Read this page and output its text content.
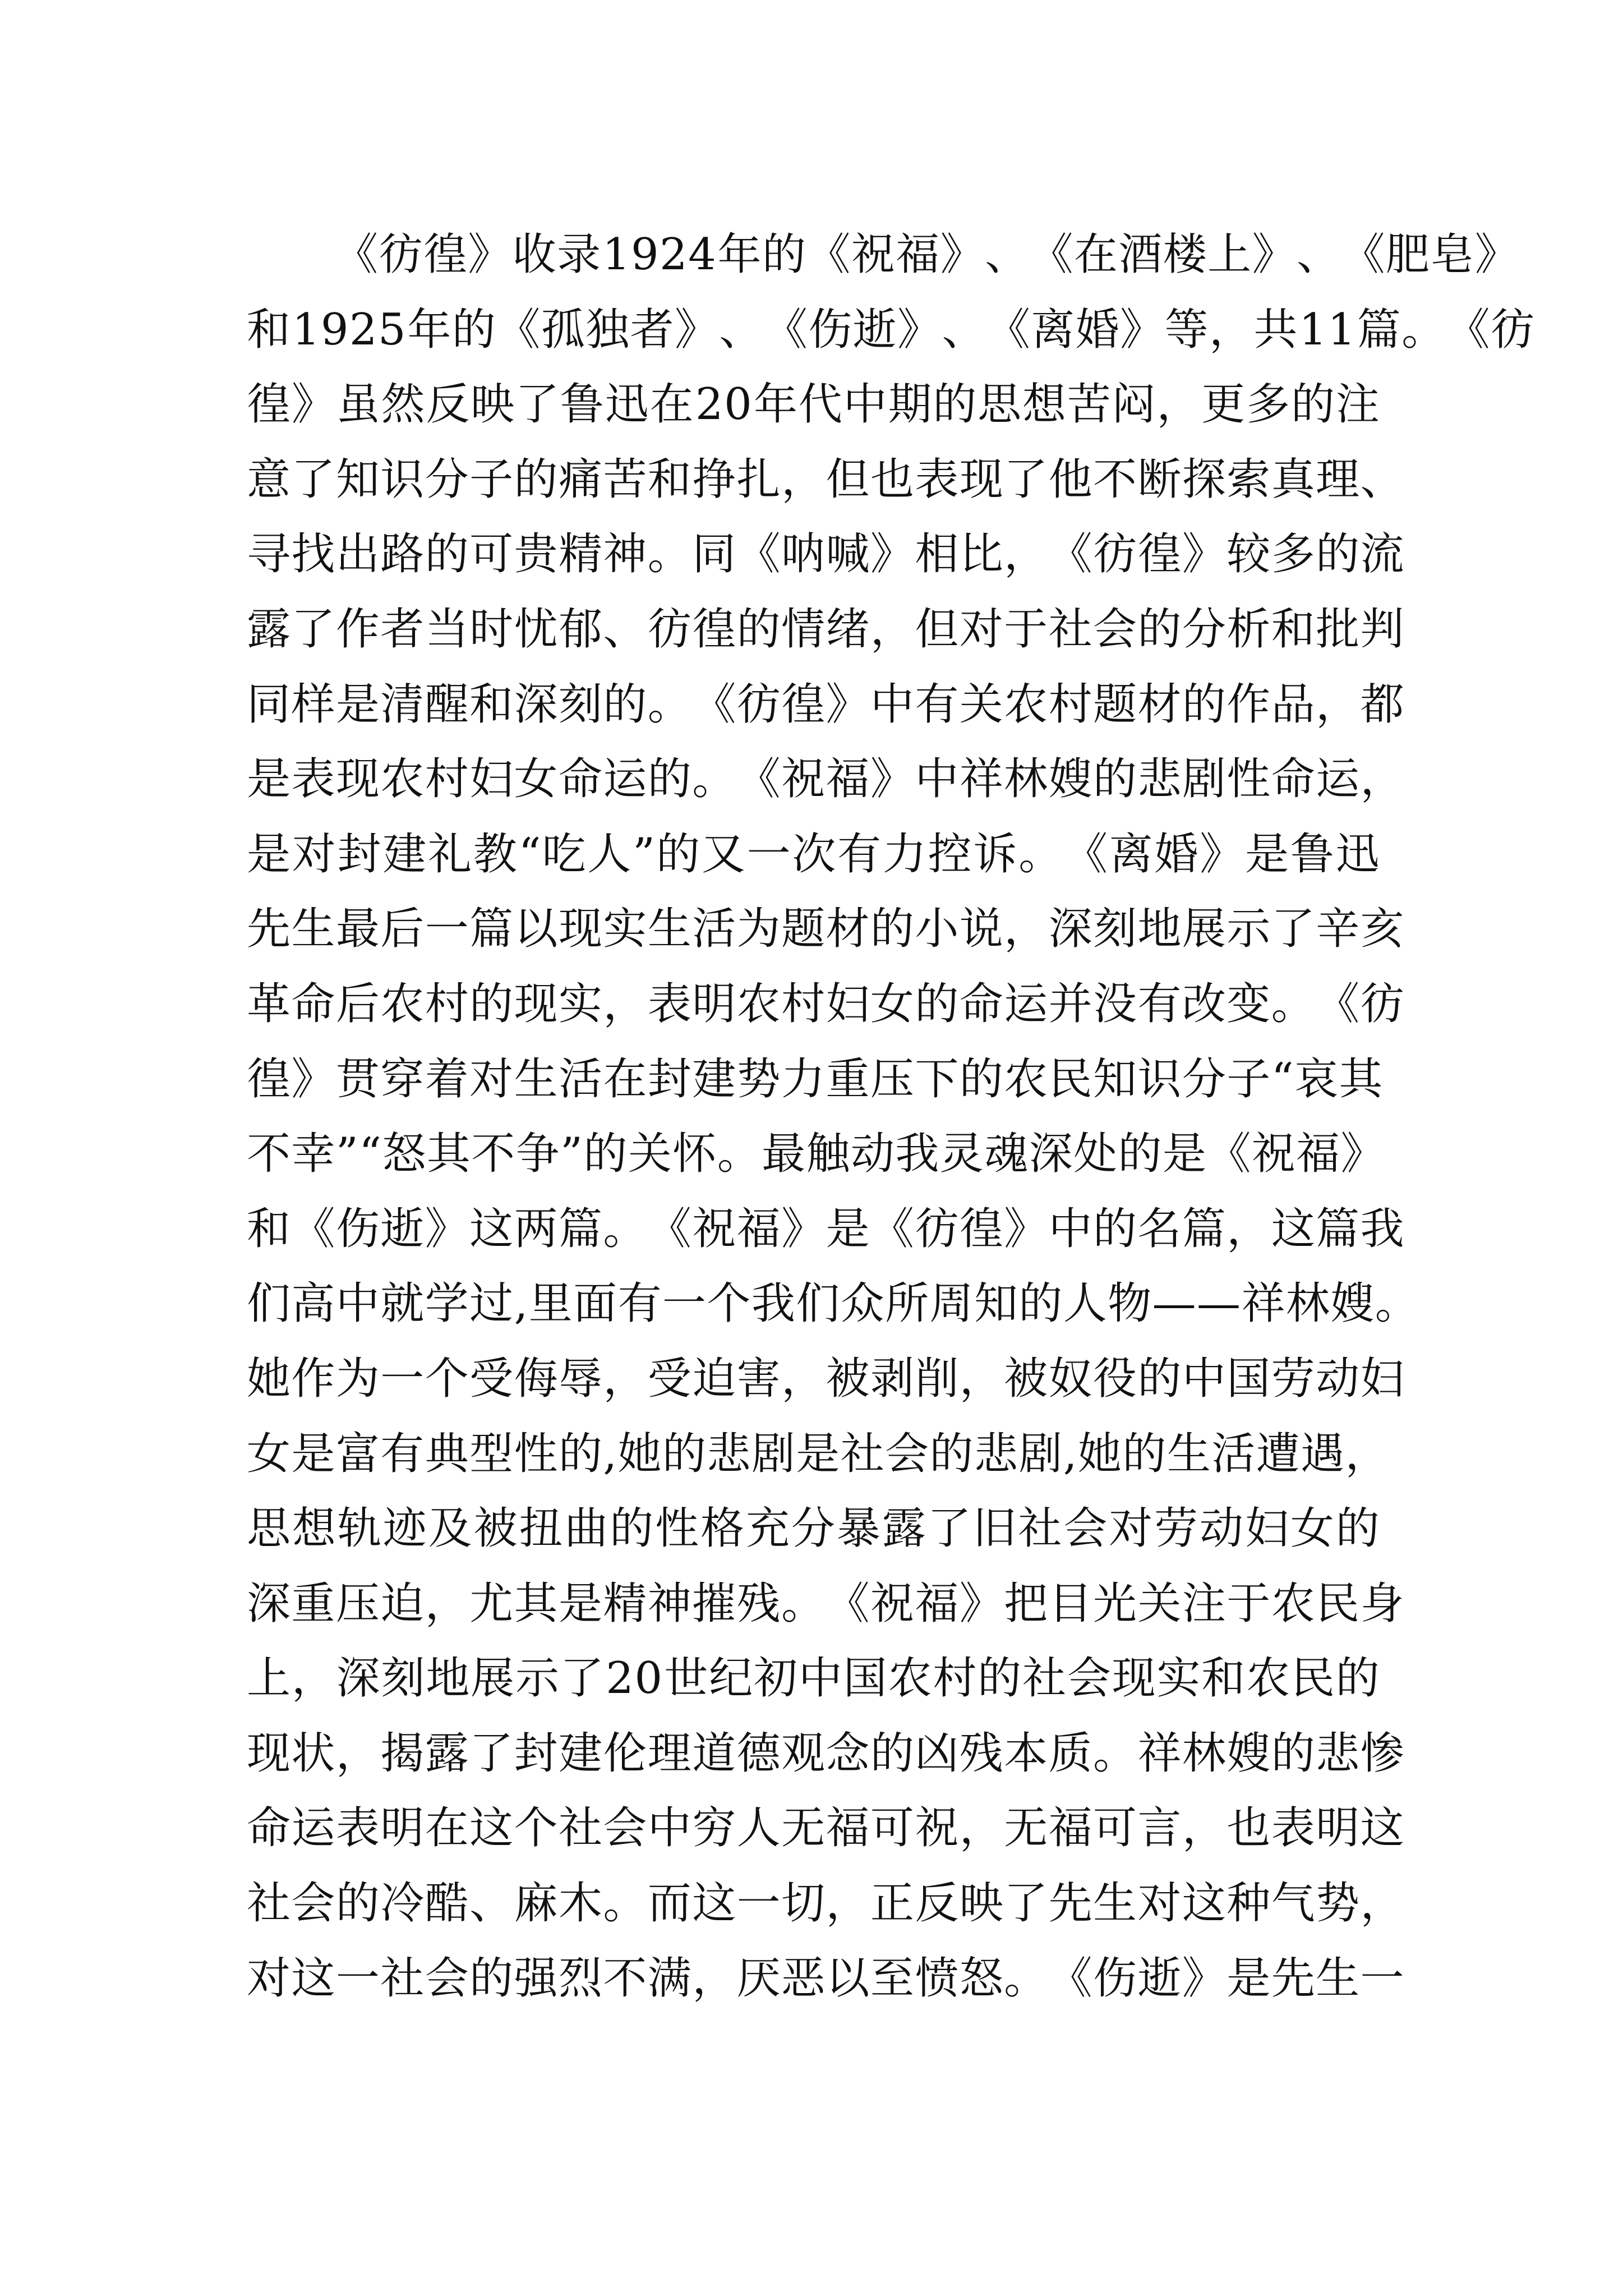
《​ 彷​ 徨​ 》​ 收​ 录​ ​ 1​ 9​ 2​ 4​ ​ 年​ 的​ 《​ 祝​ 福​ 》​ 、​ 《​ 在​ 酒​ 楼​ 上​ 》​ 、​ 《​ 肥​ 皂​ 》
和​ ​ 1​ 9​ 2​ 5​ ​ 年​ 的​ 《​ 孤​ 独​ 者​ 》​ 、​ 《​ 伤​ 逝​ 》​ 、​ 《​ 离​ 婚​ 》​ 等​ ，​ 共​ ​ 1​ 1​ ​ 篇​ 。​ 《​ 彷
徨​ 》​ 虽​ 然​ 反​ 映​ 了​ 鲁​ 迅​ 在​ ​ 2​ 0​ ​ 年​ 代​ 中​ 期​ 的​ 思​ 想​ 苦​ 闷​ ，​ 更​ 多​ 的​ 注
意​ 了​ 知​ 识​ 分​ 子​ 的​ 痛​ 苦​ 和​ 挣​ 扎​ ，​ 但​ 也​ 表​ 现​ 了​ 他​ 不​ 断​ 探​ 索​ 真​ 理​ 、
寻​ 找​ 出​ 路​ 的​ 可​ 贵​ 精​ 神​ 。​ 同​ 《​ 呐​ 喊​ 》​ 相​ 比​ ，​ 《​ 彷​ 徨​ 》​ 较​ 多​ 的​ 流
露​ 了​ 作​ 者​ 当​ 时​ 忧​ 郁​ 、​ 彷​ 徨​ 的​ 情​ 绪​ ，​ 但​ 对​ 于​ 社​ 会​ 的​ 分​ 析​ 和​ 批​ 判
同​ 样​ 是​ 清​ 醒​ 和​ 深​ 刻​ 的​ 。​ 《​ 彷​ 徨​ 》​ 中​ 有​ 关​ 农​ 村​ 题​ 材​ 的​ 作​ 品​ ，​ 都
是​ 表​ 现​ 农​ 村​ 妇​ 女​ 命​ 运​ 的​ 。​ 《​ 祝​ 福​ 》​ 中​ 祥​ 林​ 嫂​ 的​ 悲​ 剧​ 性​ 命​ 运​ ，
是​ 对​ 封​ 建​ 礼​ 教​ “​ 吃​ 人​ ”​ 的​ 又​ 一​ 次​ 有​ 力​ 控​ 诉​ 。​ 《​ 离​ 婚​ 》​ 是​ 鲁​ 迅
先​ 生​ 最​ 后​ 一​ 篇​ 以​ 现​ 实​ 生​ 活​ 为​ 题​ 材​ 的​ 小​ 说​ ，​ 深​ 刻​ 地​ 展​ 示​ 了​ 辛​ 亥
革​ 命​ 后​ 农​ 村​ 的​ 现​ 实​ ，​ 表​ 明​ 农​ 村​ 妇​ 女​ 的​ 命​ 运​ 并​ 没​ 有​ 改​ 变​ 。​ 《​ 彷
徨​ 》​ 贯​ 穿​ 着​ 对​ 生​ 活​ 在​ 封​ 建​ 势​ 力​ 重​ 压​ 下​ 的​ 农​ 民​ 知​ 识​ 分​ 子​ “​ 哀​ 其
不​ 幸​ ”​ “​ 怒​ 其​ 不​ 争​ ”​ 的​ 关​ 怀​ 。​ 最​ 触​ 动​ 我​ 灵​ 魂​ 深​ 处​ 的​ 是​ 《​ 祝​ 福​ 》
和​ 《​ 伤​ 逝​ 》​ 这​ 两​ 篇​ 。​ 《​ 祝​ 福​ 》​ 是​ 《​ 彷​ 徨​ 》​ 中​ 的​ 名​ 篇​ ，​ 这​ 篇​ 我
们​ 高​ 中​ 就​ 学​ 过​ ,​ 里​ 面​ 有​ 一​ 个​ 我​ 们​ 众​ 所​ 周​ 知​ 的​ 人​ 物​ —​ —​ 祥​ 林​ 嫂​ 。
她​ 作​ 为​ 一​ 个​ 受​ 侮​ 辱​ ，​ 受​ 迫​ 害​ ，​ 被​ 剥​ 削​ ，​ 被​ 奴​ 役​ 的​ 中​ 国​ 劳​ 动​ 妇
女​ 是​ 富​ 有​ 典​ 型​ 性​ 的​ ,​ 她​ 的​ 悲​ 剧​ 是​ 社​ 会​ 的​ 悲​ 剧​ ,​ 她​ 的​ 生​ 活​ 遭​ 遇​ ，
思​ 想​ 轨​ 迹​ 及​ 被​ 扭​ 曲​ 的​ 性​ 格​ 充​ 分​ 暴​ 露​ 了​ 旧​ 社​ 会​ 对​ 劳​ 动​ 妇​ 女​ 的
深​ 重​ 压​ 迫​ ，​ 尤​ 其​ 是​ 精​ 神​ 摧​ 残​ 。​ 《​ 祝​ 福​ 》​ 把​ 目​ 光​ 关​ 注​ 于​ 农​ 民​ 身
上​ ，​ 深​ 刻​ 地​ 展​ 示​ 了​ ​ 2​ 0​ ​ 世​ 纪​ 初​ 中​ 国​ 农​ 村​ 的​ 社​ 会​ 现​ 实​ 和​ 农​ 民​ 的
现​ 状​ ，​ 揭​ 露​ 了​ 封​ 建​ 伦​ 理​ 道​ 德​ 观​ 念​ 的​ 凶​ 残​ 本​ 质​ 。​ 祥​ 林​ 嫂​ 的​ 悲​ 惨
命​ 运​ 表​ 明​ 在​ 这​ 个​ 社​ 会​ 中​ 穷​ 人​ 无​ 福​ 可​ 祝​ ，​ 无​ 福​ 可​ 言​ ，​ 也​ 表​ 明​ 这
社​ 会​ 的​ 冷​ 酷​ 、​ 麻​ 木​ 。​ 而​ 这​ 一​ 切​ ，​ 正​ 反​ 映​ 了​ 先​ 生​ 对​ 这​ 种​ 气​ 势​ ，
对​ 这​ 一​ 社​ 会​ 的​ 强​ 烈​ 不​ 满​ ，​ 厌​ 恶​ 以​ 至​ 愤​ 怒​ 。​ 《​ 伤​ 逝​ 》​ 是​ 先​ 生​ 一
